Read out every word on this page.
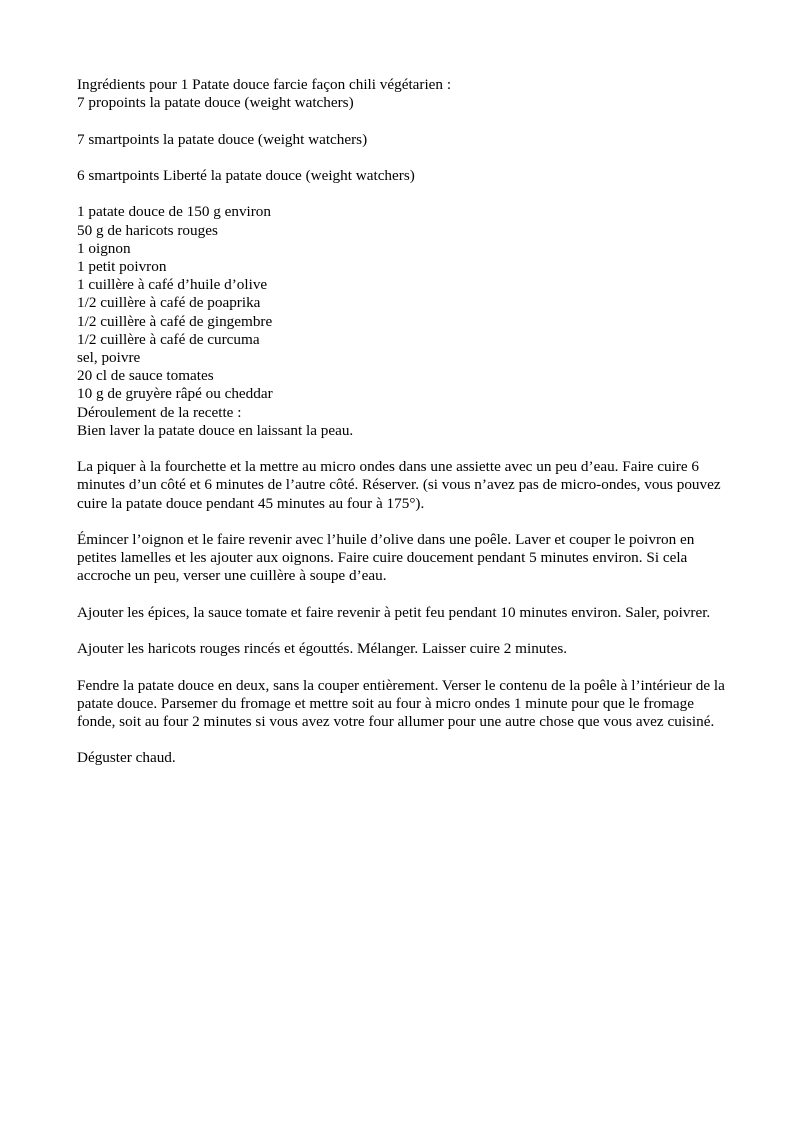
Ingrédients pour 1 Patate douce farcie façon chili végétarien :
7 propoints la patate douce (weight watchers)
7 smartpoints la patate douce (weight watchers)
6 smartpoints Liberté la patate douce (weight watchers)
1 patate douce de 150 g environ
50 g de haricots rouges
1 oignon
1 petit poivron
1 cuillère à café d’huile d’olive
1/2 cuillère à café de poaprika
1/2 cuillère à café de gingembre
1/2 cuillère à café de curcuma
sel, poivre
20 cl de sauce tomates
10 g de gruyère râpé ou cheddar
Déroulement de la recette :
Bien laver la patate douce en laissant la peau.

La piquer à la fourchette et la mettre au micro ondes dans une assiette avec un peu d’eau. Faire cuire 6 minutes d’un côté et 6 minutes de l’autre côté. Réserver. (si vous n’avez pas de micro-ondes, vous pouvez cuire la patate douce pendant 45 minutes au four à 175°).

Émincer l’oignon et le faire revenir avec l’huile d’olive dans une poêle. Laver et couper le poivron en petites lamelles et les ajouter aux oignons. Faire cuire doucement pendant 5 minutes environ. Si cela accroche un peu, verser une cuillère à soupe d’eau.

Ajouter les épices, la sauce tomate et faire revenir à petit feu pendant 10 minutes environ. Saler, poivrer.

Ajouter les haricots rouges rincés et égouttés. Mélanger. Laisser cuire 2 minutes.

Fendre la patate douce en deux, sans la couper entièrement. Verser le contenu de la poêle à l’intérieur de la patate douce. Parsemer du fromage et mettre soit au four à micro ondes 1 minute pour que le fromage fonde, soit au four 2 minutes si vous avez votre four allumer pour une autre chose que vous avez cuisiné.

Déguster chaud.
